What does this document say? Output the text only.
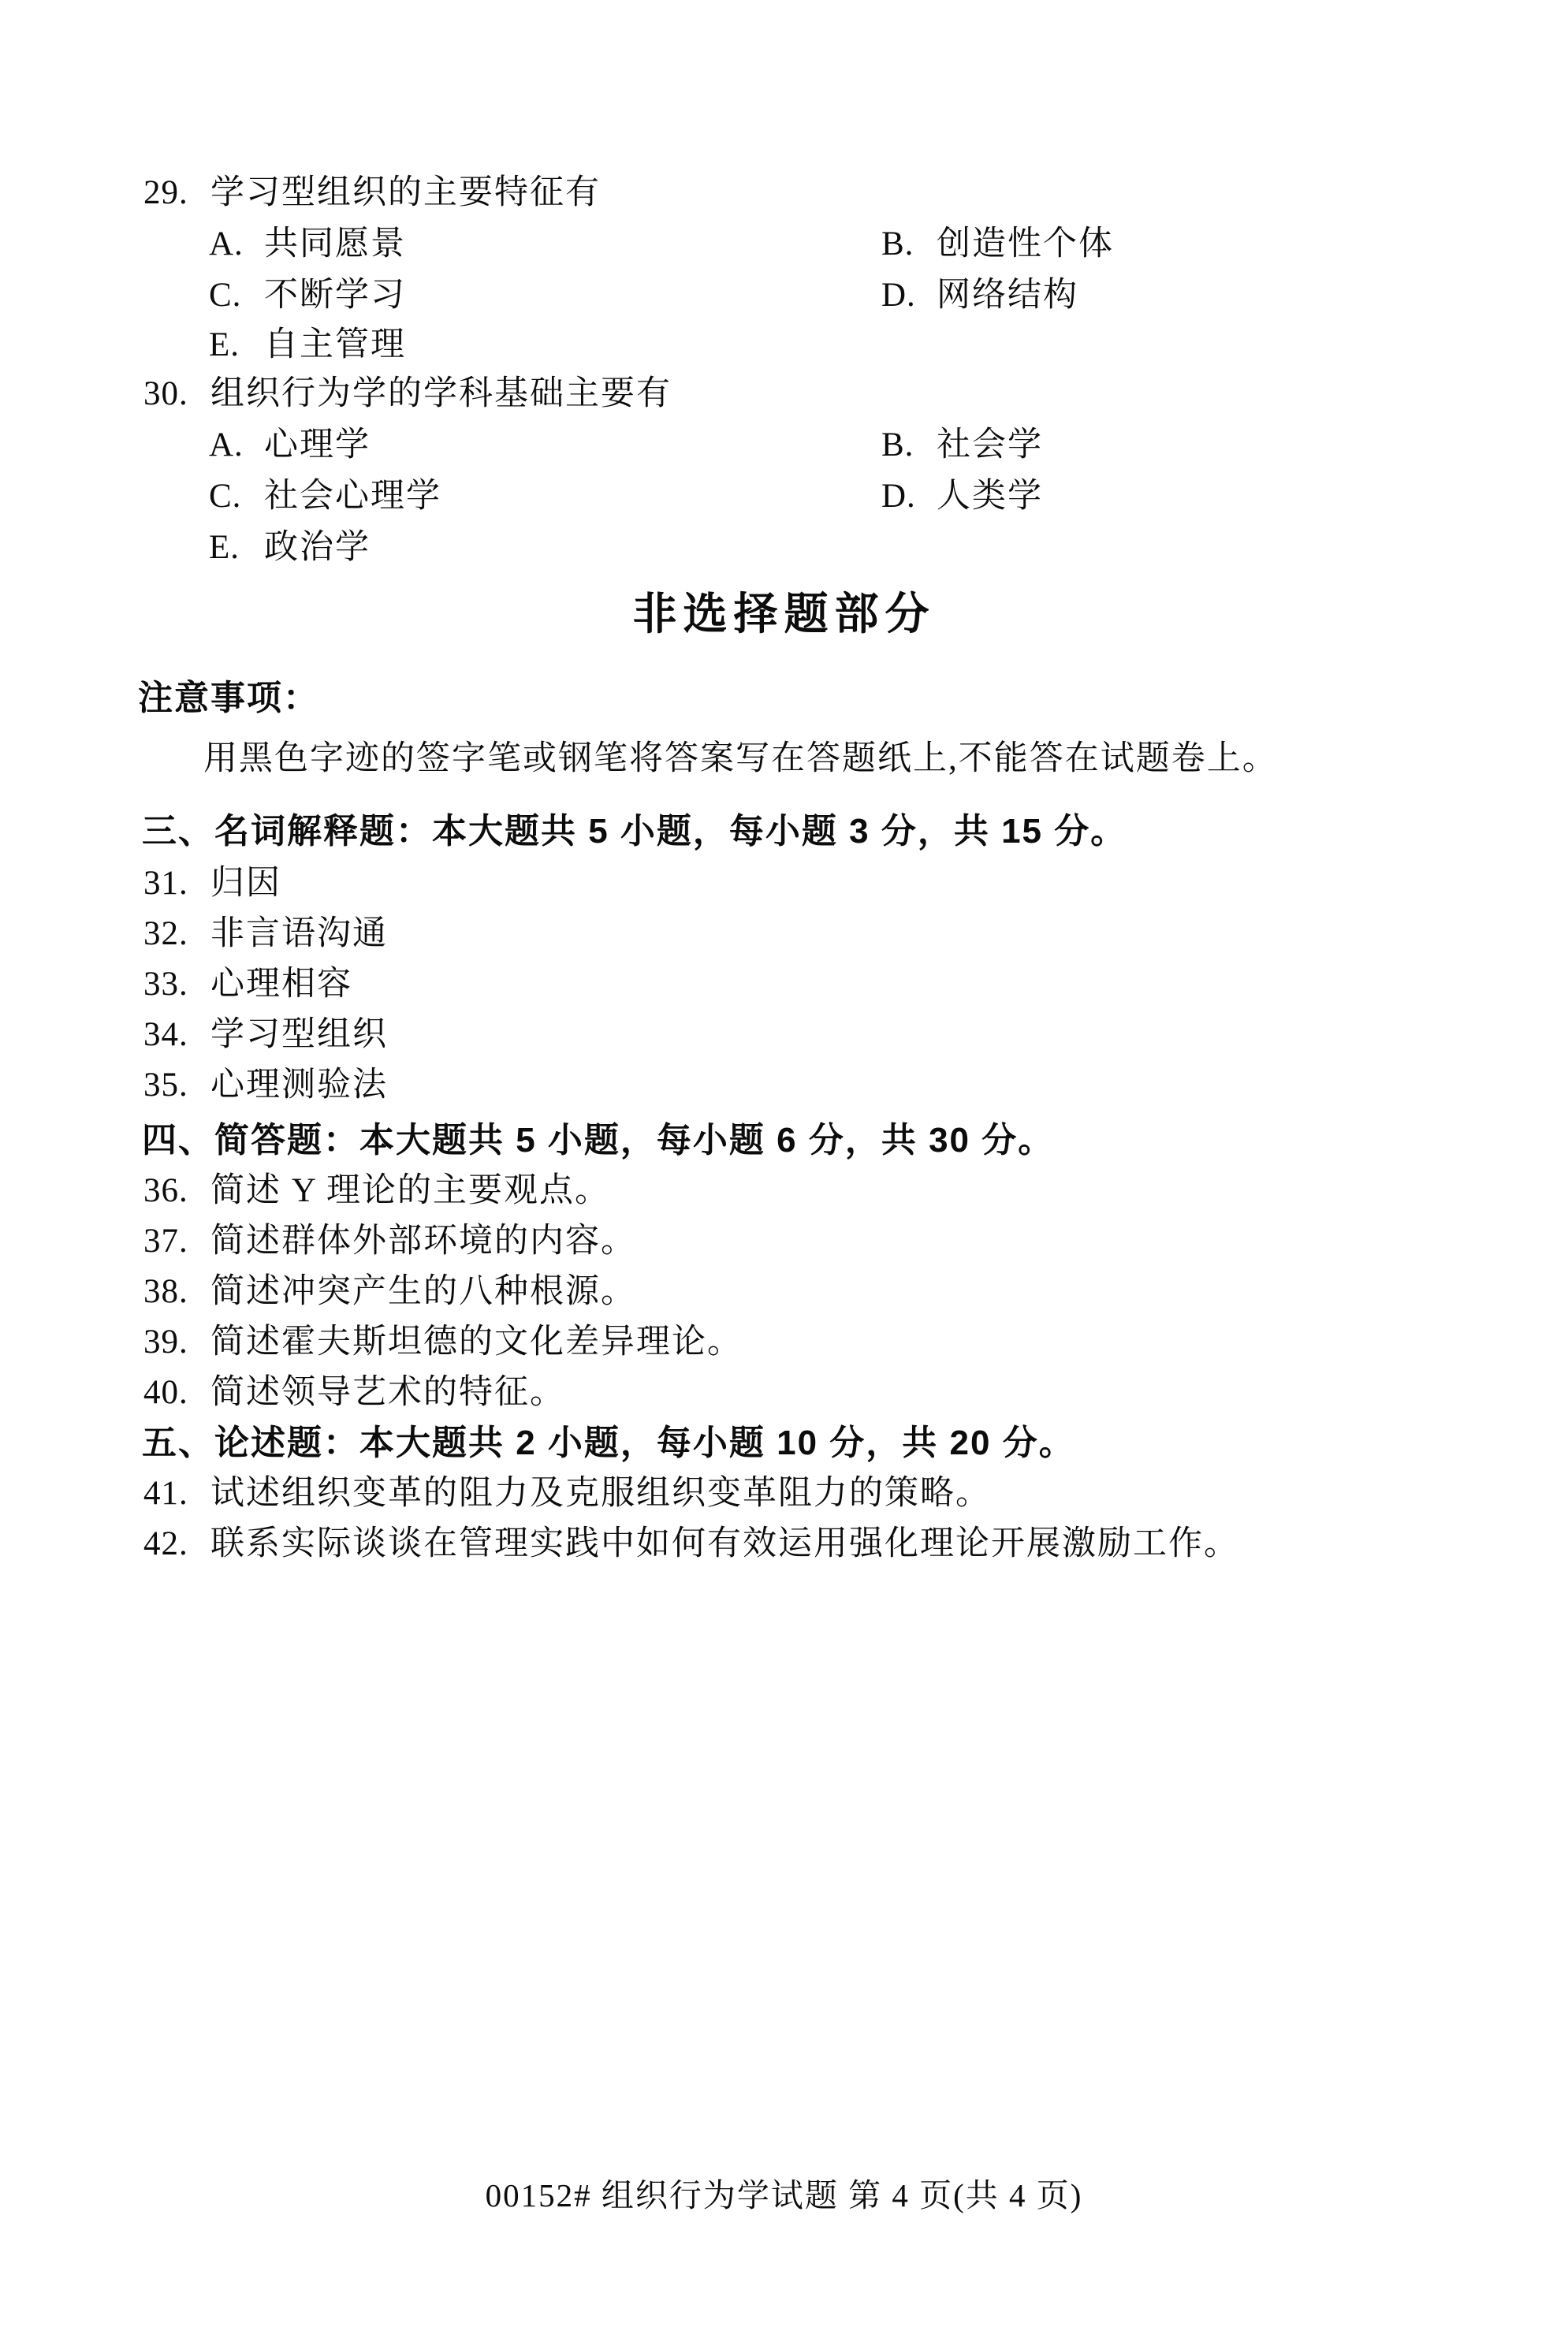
29. 学习型组织的主要特征有
A. 共同愿景	B. 创造性个体
C. 不断学习	D. 网络结构
E. 自主管理
30. 组织行为学的学科基础主要有
A. 心理学	B. 社会学
C. 社会心理学	D. 人类学
E. 政治学
非选择题部分
注意事项：
用黑色字迹的签字笔或钢笔将答案写在答题纸上,不能答在试题卷上。
三、名词解释题：本大题共 5 小题，每小题 3 分，共 15 分。
31. 归因
32. 非言语沟通
33. 心理相容
34. 学习型组织
35. 心理测验法
四、简答题：本大题共 5 小题，每小题 6 分，共 30 分。
36. 简述 Y 理论的主要观点。
37. 简述群体外部环境的内容。
38. 简述冲突产生的八种根源。
39. 简述霍夫斯坦德的文化差异理论。
40. 简述领导艺术的特征。
五、论述题：本大题共 2 小题，每小题 10 分，共 20 分。
41. 试述组织变革的阻力及克服组织变革阻力的策略。
42. 联系实际谈谈在管理实践中如何有效运用强化理论开展激励工作。
00152# 组织行为学试题 第 4 页(共 4 页)
